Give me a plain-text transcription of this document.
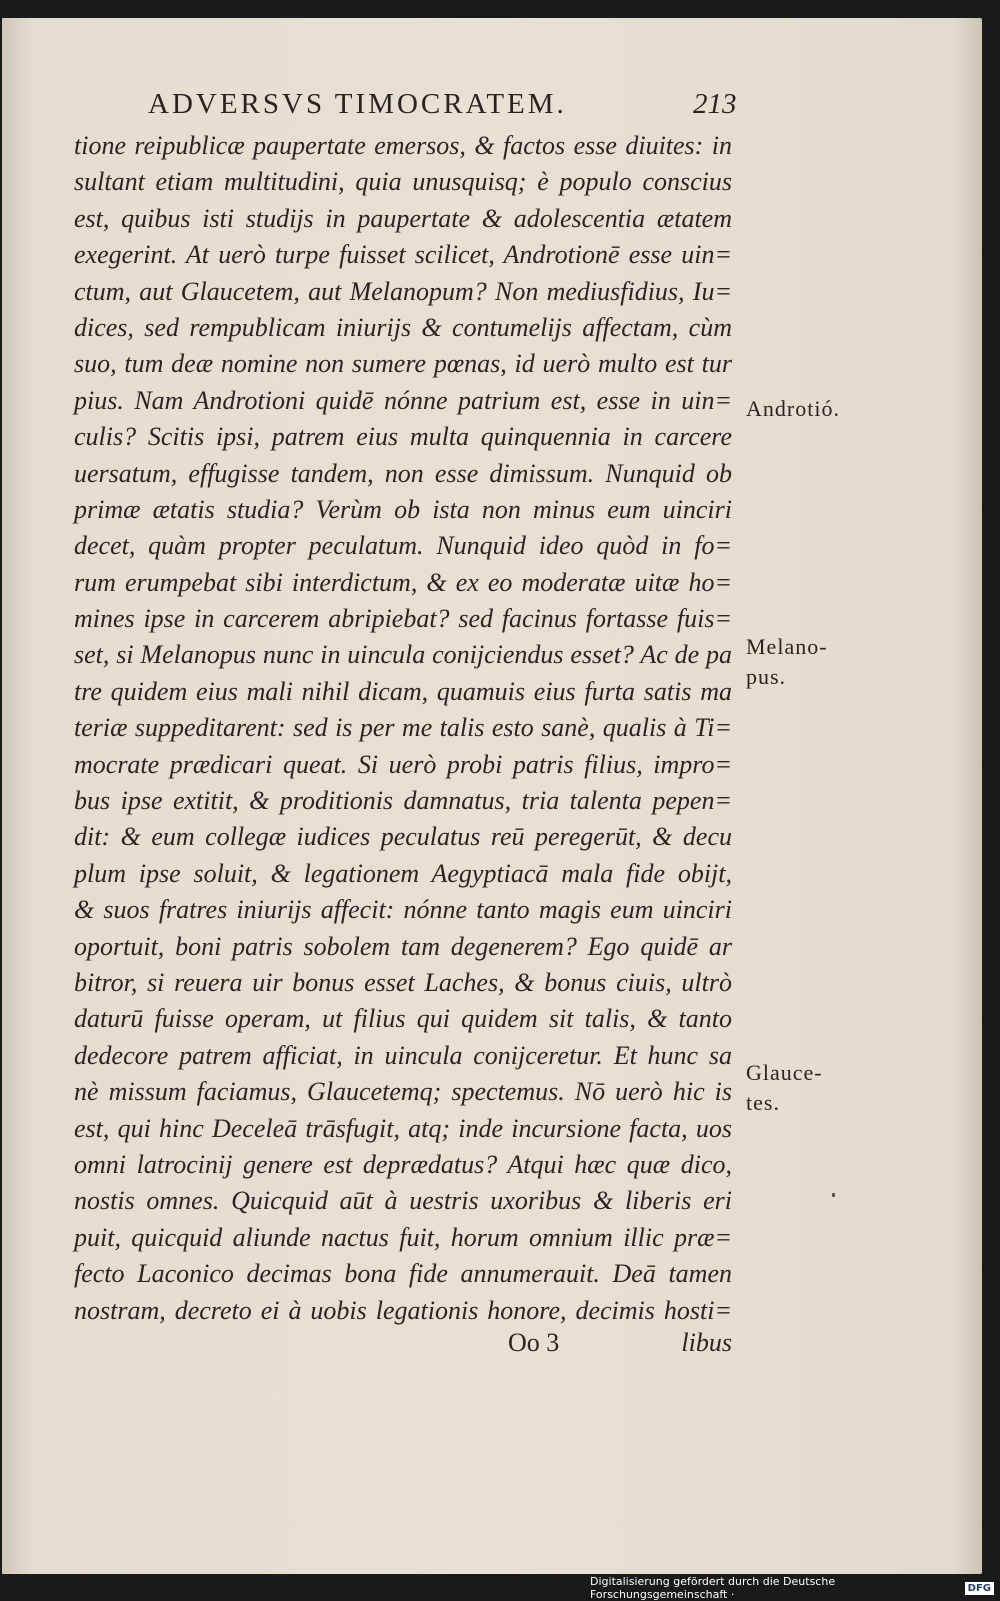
ADVERSVS TIMOCRATEM.	213
tione reipublicæ paupertate emersos, & factos esse diuites: in
sultant etiam multitudini, quia unusquisq; è populo conscius
est, quibus isti studijs in paupertate & adolescentia ætatem
exegerint. At uerò turpe fuisset scilicet, Androtionē esse uin=
ctum, aut Glaucetem, aut Melanopum? Non mediusfidius, Iu=
dices, sed rempublicam iniurijs & contumelijs affectam, cùm
suo, tum deæ nomine non sumere pœnas, id uerò multo est tur
pius. Nam Androtioni quidē nónne patrium est, esse in uin=
culis? Scitis ipsi, patrem eius multa quinquennia in carcere
uersatum, effugisse tandem, non esse dimissum. Nunquid ob
primæ ætatis studia? Verùm ob ista non minus eum uinciri
decet, quàm propter peculatum. Nunquid ideo quòd in fo=
rum erumpebat sibi interdictum, & ex eo moderatæ uitæ ho=
mines ipse in carcerem abripiebat? sed facinus fortasse fuis=
set, si Melanopus nunc in uincula conijciendus esset? Ac de pa
tre quidem eius mali nihil dicam, quamuis eius furta satis ma
teriæ suppeditarent: sed is per me talis esto sanè, qualis à Ti=
mocrate prædicari queat. Si uerò probi patris filius, impro=
bus ipse extitit, & proditionis damnatus, tria talenta pepen=
dit: & eum collegæ iudices peculatus reū peregerūt, & decu
plum ipse soluit, & legationem Aegyptiacā mala fide obijt,
& suos fratres iniurijs affecit: nónne tanto magis eum uinciri
oportuit, boni patris sobolem tam degenerem? Ego quidē ar
bitror, si reuera uir bonus esset Laches, & bonus ciuis, ultrò
daturū fuisse operam, ut filius qui quidem sit talis, & tanto
dedecore patrem afficiat, in uincula conijceretur. Et hunc sa
nè missum faciamus, Glaucetemq; spectemus. Nō uerò hic is
est, qui hinc Deceleā trāsfugit, atq; inde incursione facta, uos
omni latrocinij genere est deprædatus? Atqui hæc quæ dico,
nostis omnes. Quicquid aūt à uestris uxoribus & liberis eri
puit, quicquid aliunde nactus fuit, horum omnium illic præ=
fecto Laconico decimas bona fide annumerauit. Deā tamen
nostram, decreto ei à uobis legationis honore, decimis hosti=
Oo 3	libus
Androtió.
Melano-
pus.
Glauce-
tes.
Digitalisierung gefördert durch die Deutsche Forschungsgemeinschaft ·	DFG
